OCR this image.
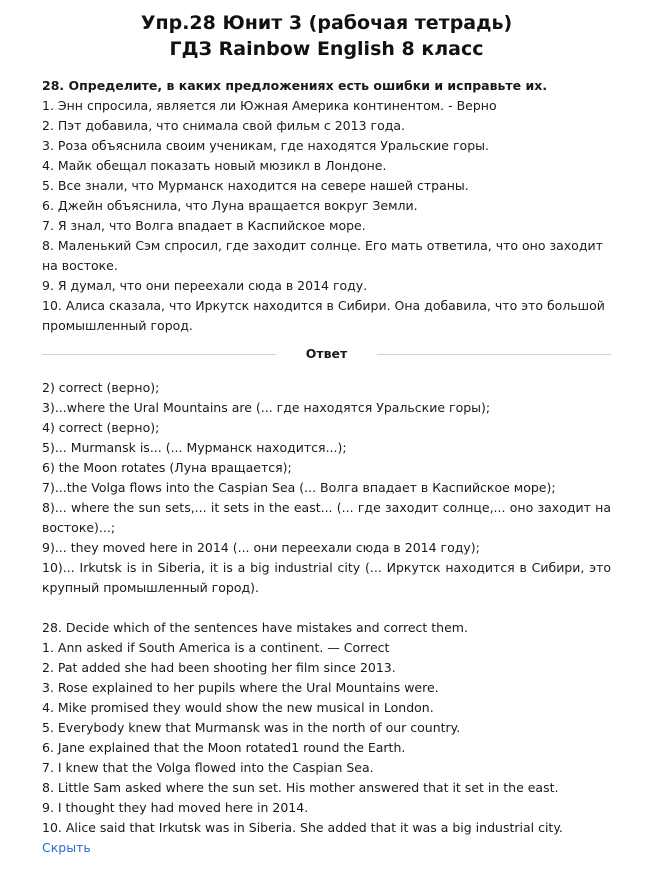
Упр.28 Юнит 3 (рабочая тетрадь)
ГДЗ Rainbow English 8 класс
28. Определите, в каких предложениях есть ошибки и исправьте их.
1. Энн спросила, является ли Южная Америка континентом. - Верно
2. Пэт добавила, что снимала свой фильм с 2013 года.
3. Роза объяснила своим ученикам, где находятся Уральские горы.
4. Майк обещал показать новый мюзикл в Лондоне.
5. Все знали, что Мурманск находится на севере нашей страны.
6. Джейн объяснила, что Луна вращается вокруг Земли.
7. Я знал, что Волга впадает в Каспийское море.
8. Маленький Сэм спросил, где заходит солнце. Его мать ответила, что оно заходит на востоке.
9. Я думал, что они переехали сюда в 2014 году.
10. Алиса сказала, что Иркутск находится в Сибири. Она добавила, что это большой промышленный город.
Ответ
2) correct (верно);
3)...where the Ural Mountains are (... где находятся Уральские горы);
4) correct (верно);
5)... Murmansk is... (... Мурманск находится...);
6) the Moon rotates (Луна вращается);
7)...the Volga flows into the Caspian Sea (... Волга впадает в Каспийское море);
8)... where the sun sets,... it sets in the east... (... где заходит солнце,... оно заходит на востоке)...;
9)... they moved here in 2014 (... они переехали сюда в 2014 году);
10)... Irkutsk is in Siberia, it is a big industrial city (... Иркутск находится в Сибири, это крупный промышленный город).
28. Decide which of the sentences have mistakes and correct them.
1. Ann asked if South America is a continent. — Correct
2. Pat added she had been shooting her film since 2013.
3. Rose explained to her pupils where the Ural Mountains were.
4. Mike promised they would show the new musical in London.
5. Everybody knew that Murmansk was in the north of our country.
6. Jane explained that the Moon rotated1 round the Earth.
7. I knew that the Volga flowed into the Caspian Sea.
8. Little Sam asked where the sun set. His mother answered that it set in the east.
9. I thought they had moved here in 2014.
10. Alice said that Irkutsk was in Siberia. She added that it was a big industrial city.
Скрыть
